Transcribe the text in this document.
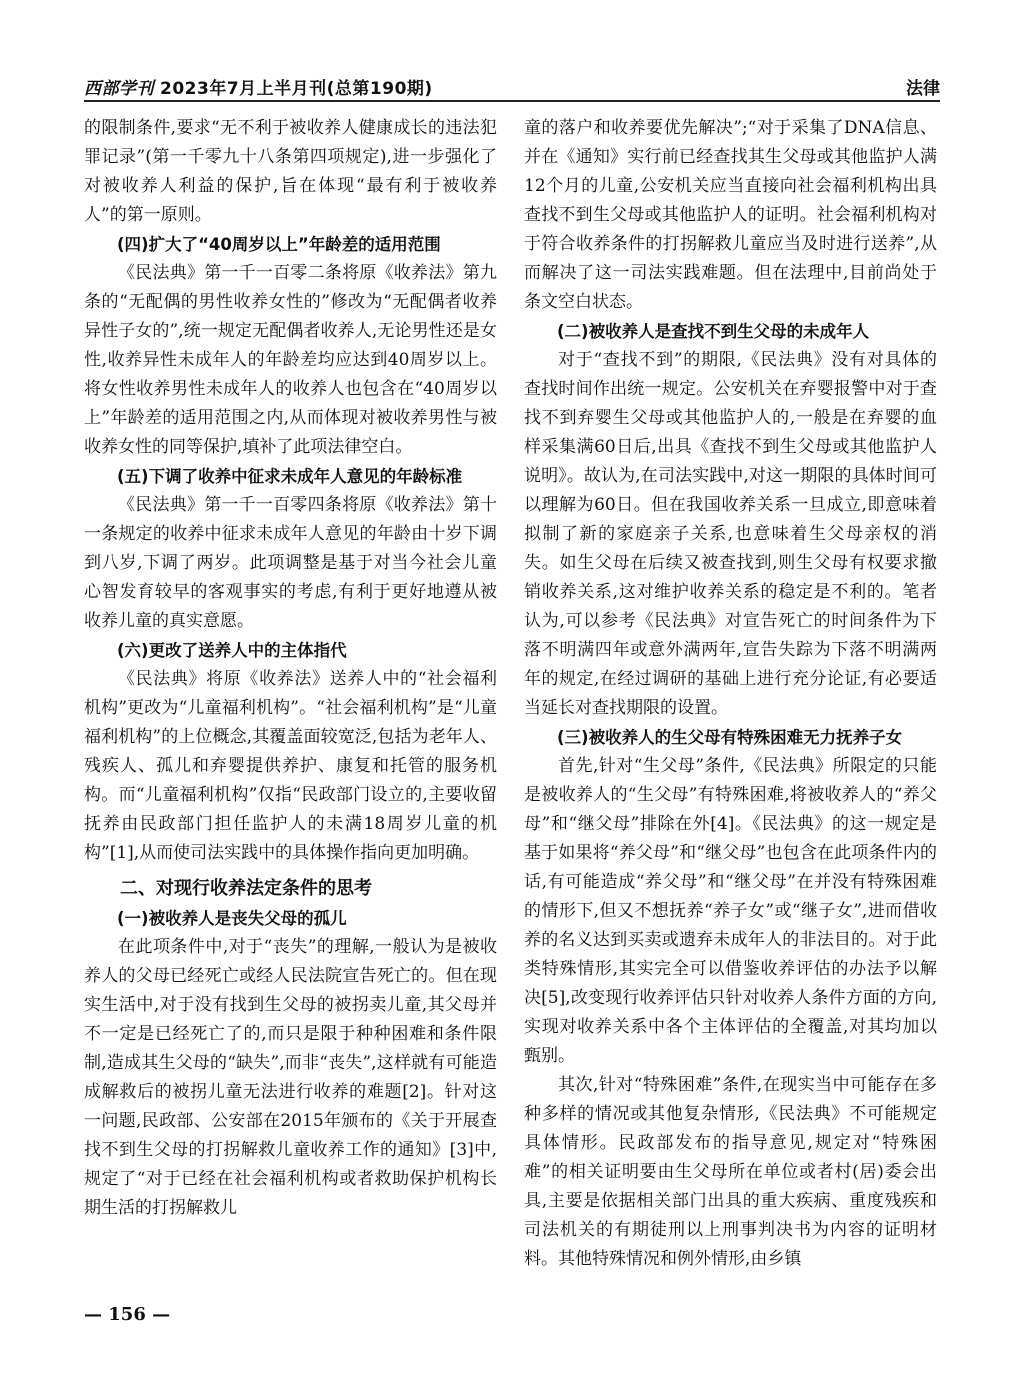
西部学刊 2023年7月上半月刊(总第190期)	法律

的限制条件,要求“无不利于被收养人健康成长的违法犯罪记录”(第一千零九十八条第四项规定),进一步强化了对被收养人利益的保护,旨在体现“最有利于被收养人”的第一原则。

(四)扩大了“40周岁以上”年龄差的适用范围

《民法典》第一千一百零二条将原《收养法》第九条的“无配偶的男性收养女性的”修改为“无配偶者收养异性子女的”,统一规定无配偶者收养人,无论男性还是女性,收养异性未成年人的年龄差均应达到40周岁以上。将女性收养男性未成年人的收养人也包含在“40周岁以上”年龄差的适用范围之内,从而体现对被收养男性与被收养女性的同等保护,填补了此项法律空白。

(五)下调了收养中征求未成年人意见的年龄标准

《民法典》第一千一百零四条将原《收养法》第十一条规定的收养中征求未成年人意见的年龄由十岁下调到八岁,下调了两岁。此项调整是基于对当今社会儿童心智发育较早的客观事实的考虑,有利于更好地遵从被收养儿童的真实意愿。

(六)更改了送养人中的主体指代

《民法典》将原《收养法》送养人中的“社会福利机构”更改为“儿童福利机构”。“社会福利机构”是“儿童福利机构”的上位概念,其覆盖面较宽泛,包括为老年人、残疾人、孤儿和弃婴提供养护、康复和托管的服务机构。而“儿童福利机构”仅指“民政部门设立的,主要收留抚养由民政部门担任监护人的未满18周岁儿童的机构”[1],从而使司法实践中的具体操作指向更加明确。

二、对现行收养法定条件的思考
(一)被收养人是丧失父母的孤儿

在此项条件中,对于“丧失”的理解,一般认为是被收养人的父母已经死亡或经人民法院宣告死亡的。但在现实生活中,对于没有找到生父母的被拐卖儿童,其父母并不一定是已经死亡了的,而只是限于种种困难和条件限制,造成其生父母的“缺失”,而非“丧失”,这样就有可能造成解救后的被拐儿童无法进行收养的难题[2]。针对这一问题,民政部、公安部在2015年颁布的《关于开展查找不到生父母的打拐解救儿童收养工作的通知》[3]中,规定了“对于已经在社会福利机构或者救助保护机构长期生活的打拐解救儿

童的落户和收养要优先解决”;“对于采集了DNA信息、并在《通知》实行前已经查找其生父母或其他监护人满12个月的儿童,公安机关应当直接向社会福利机构出具查找不到生父母或其他监护人的证明。社会福利机构对于符合收养条件的打拐解救儿童应当及时进行送养”,从而解决了这一司法实践难题。但在法理中,目前尚处于条文空白状态。

(二)被收养人是查找不到生父母的未成年人

对于“查找不到”的期限,《民法典》没有对具体的查找时间作出统一规定。公安机关在弃婴报警中对于查找不到弃婴生父母或其他监护人的,一般是在弃婴的血样采集满60日后,出具《查找不到生父母或其他监护人说明》。故认为,在司法实践中,对这一期限的具体时间可以理解为60日。但在我国收养关系一旦成立,即意味着拟制了新的家庭亲子关系,也意味着生父母亲权的消失。如生父母在后续又被查找到,则生父母有权要求撤销收养关系,这对维护收养关系的稳定是不利的。笔者认为,可以参考《民法典》对宣告死亡的时间条件为下落不明满四年或意外满两年,宣告失踪为下落不明满两年的规定,在经过调研的基础上进行充分论证,有必要适当延长对查找期限的设置。

(三)被收养人的生父母有特殊困难无力抚养子女

首先,针对“生父母”条件,《民法典》所限定的只能是被收养人的“生父母”有特殊困难,将被收养人的“养父母”和“继父母”排除在外[4]。《民法典》的这一规定是基于如果将“养父母”和“继父母”也包含在此项条件内的话,有可能造成“养父母”和“继父母”在并没有特殊困难的情形下,但又不想抚养“养子女”或“继子女”,进而借收养的名义达到买卖或遗弃未成年人的非法目的。对于此类特殊情形,其实完全可以借鉴收养评估的办法予以解决[5],改变现行收养评估只针对收养人条件方面的方向,实现对收养关系中各个主体评估的全覆盖,对其均加以甄别。

其次,针对“特殊困难”条件,在现实当中可能存在多种多样的情况或其他复杂情形,《民法典》不可能规定具体情形。民政部发布的指导意见,规定对“特殊困难”的相关证明要由生父母所在单位或者村(居)委会出具,主要是依据相关部门出具的重大疾病、重度残疾和司法机关的有期徒刑以上刑事判决书为内容的证明材料。其他特殊情况和例外情形,由乡镇

— 156 —
